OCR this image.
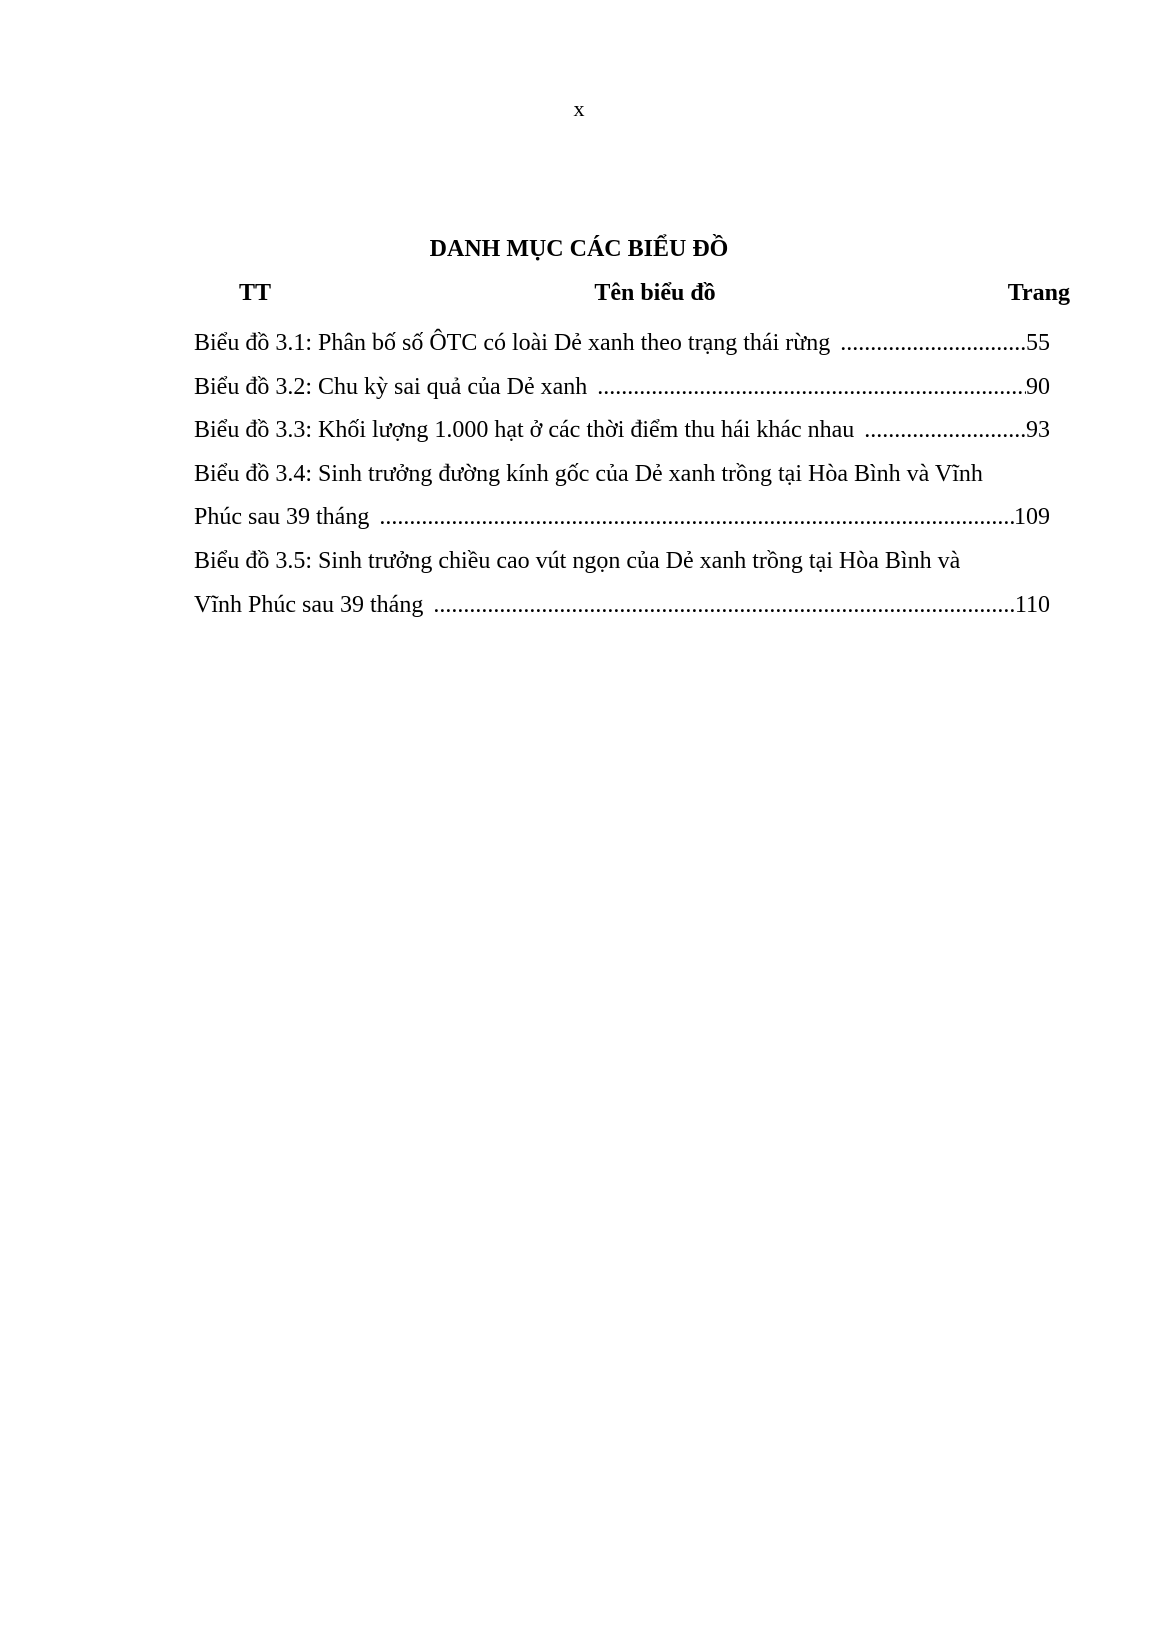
x
DANH MỤC CÁC BIỂU ĐỒ
TT	Tên biểu đồ	Trang
Biểu đồ 3.1: Phân bố số ÔTC có loài Dẻ xanh theo trạng thái rừng .....	55
Biểu đồ 3.2: Chu kỳ sai quả của Dẻ xanh .....	90
Biểu đồ 3.3: Khối lượng 1.000 hạt ở các thời điểm thu hái khác nhau .....	93
Biểu đồ 3.4: Sinh trưởng đường kính gốc của Dẻ xanh trồng tại Hòa Bình và Vĩnh
Phúc sau 39 tháng .....	109
Biểu đồ 3.5: Sinh trưởng chiều cao vút ngọn của Dẻ xanh trồng tại Hòa Bình và
Vĩnh Phúc sau 39 tháng .....	110
